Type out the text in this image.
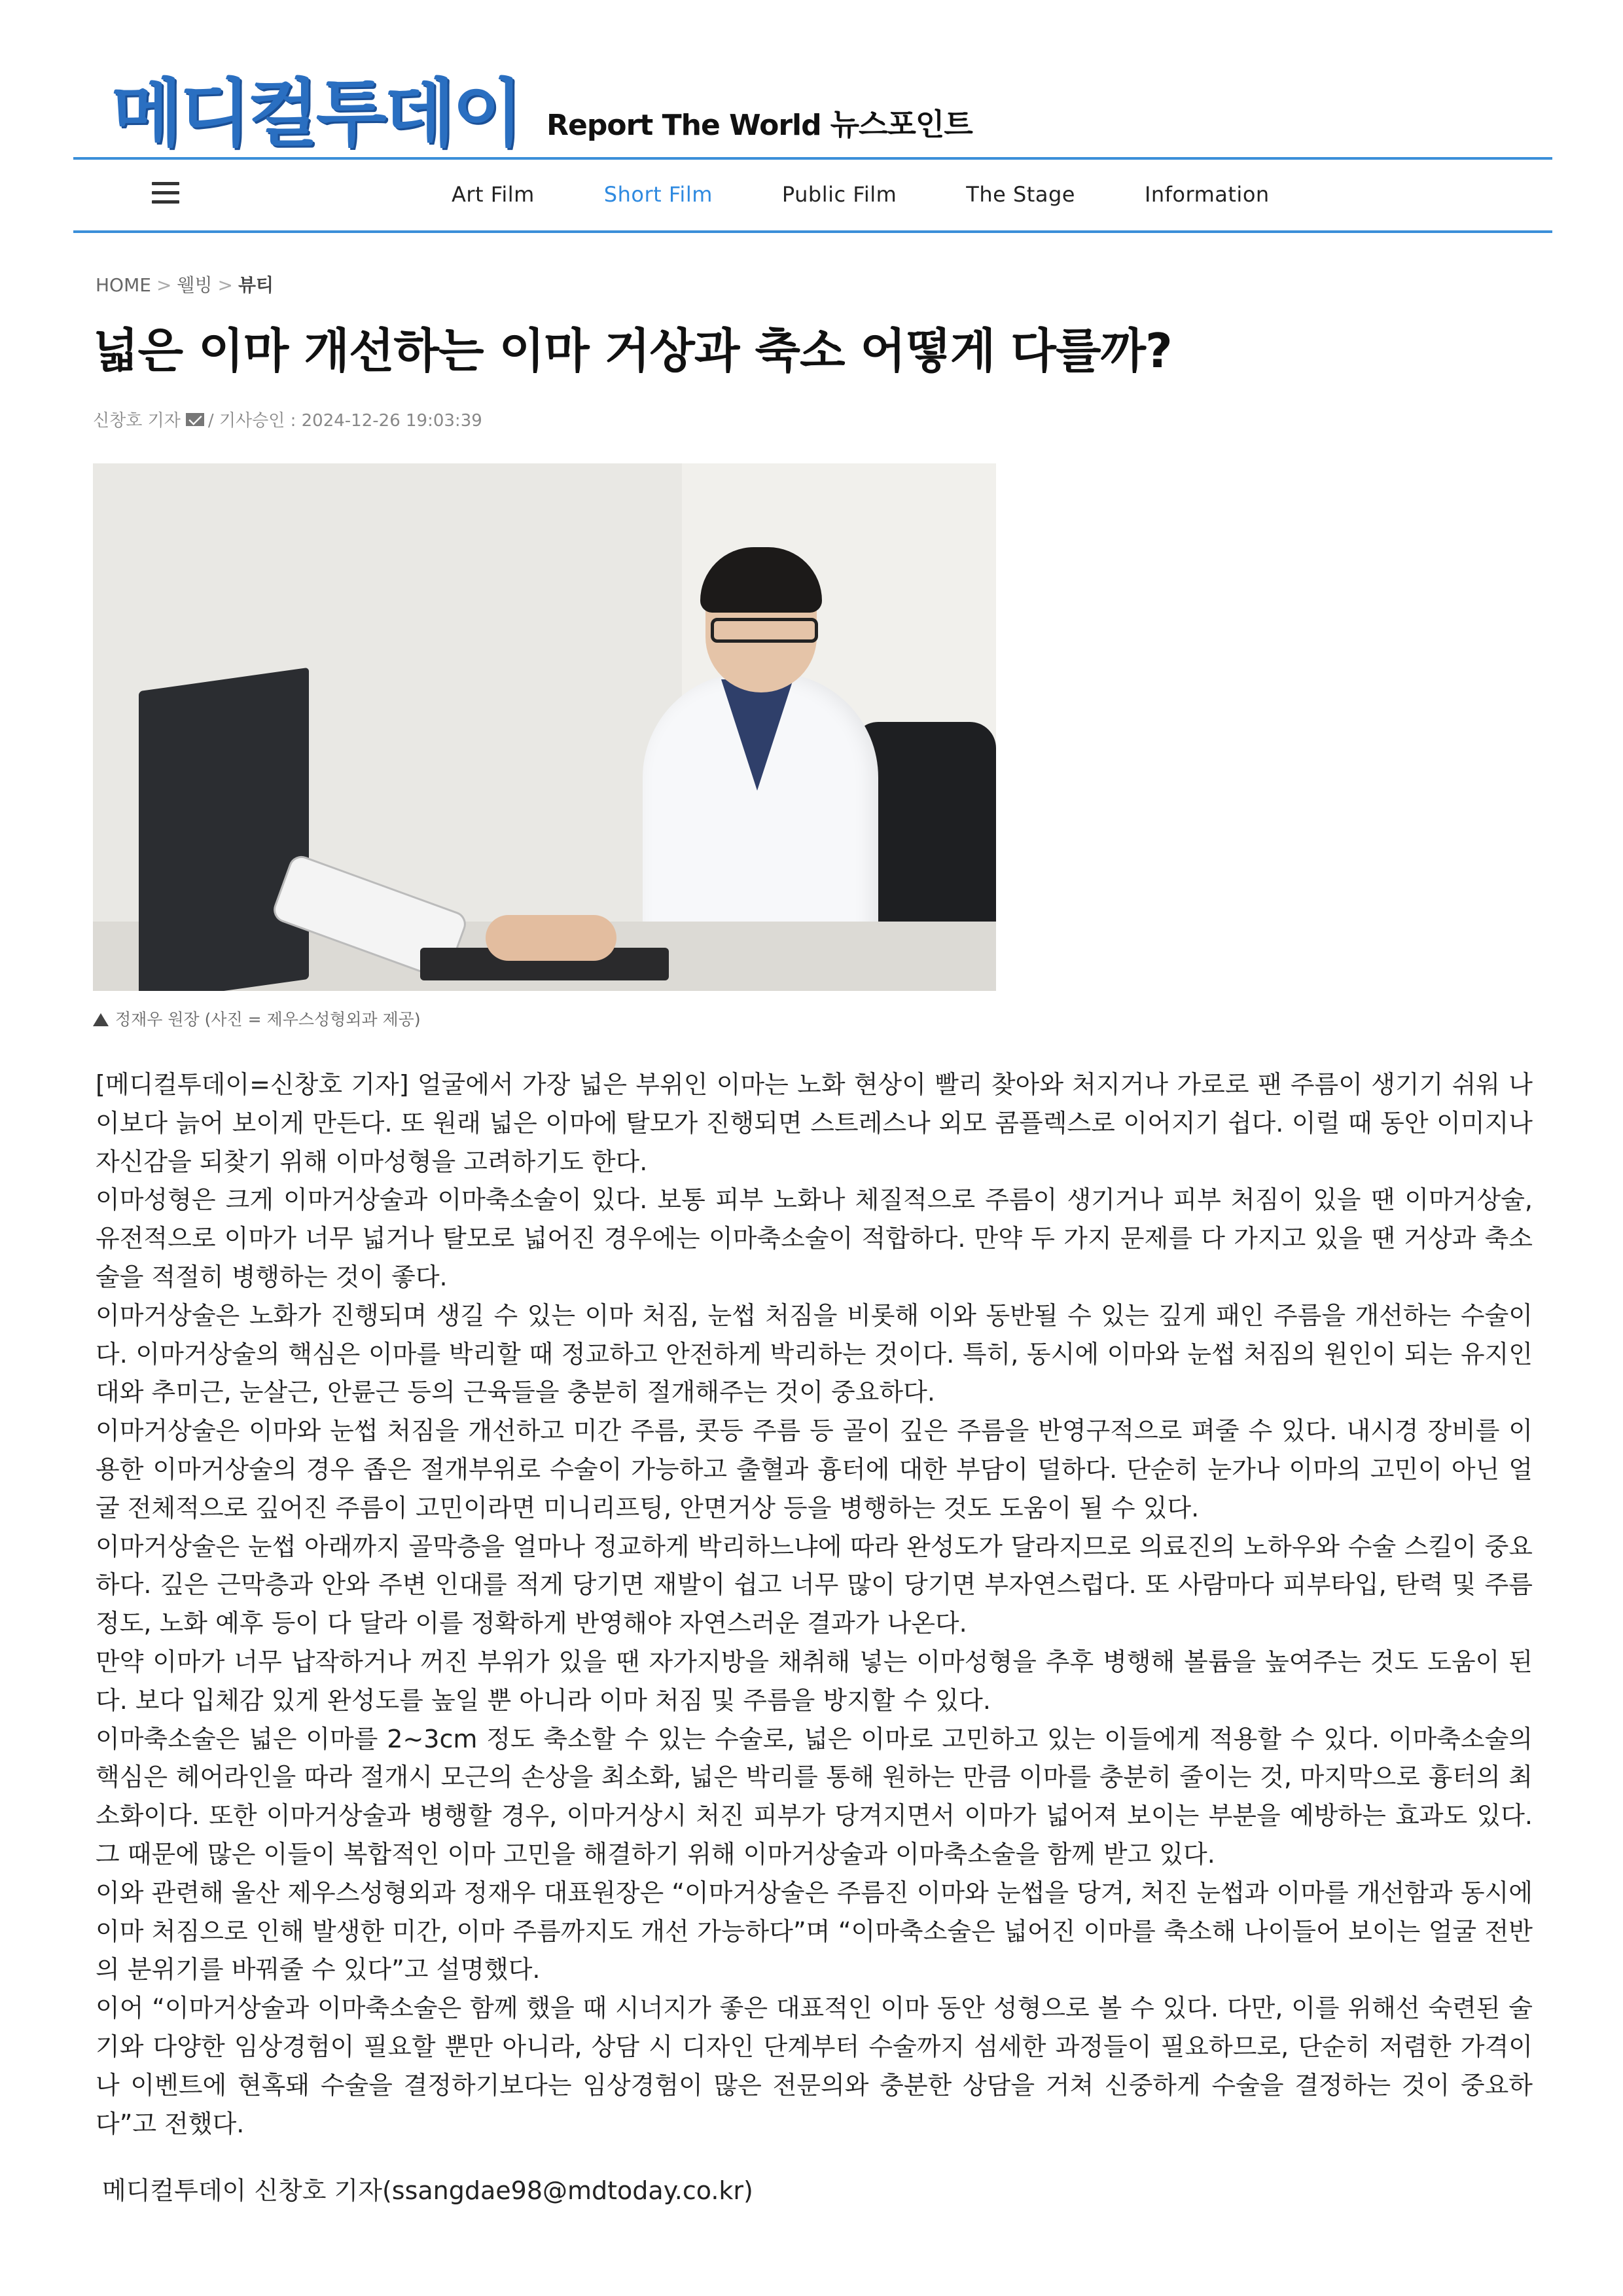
메디컬투데이 Report The World 뉴스포인트
Art Film	Short Film	Public Film	The Stage	Information
HOME > 웰빙 > 뷰티
넓은 이마 개선하는 이마 거상과 축소 어떻게 다를까?
신창호 기자 / 기사승인 : 2024-12-26 19:03:39
정재우 원장 (사진 = 제우스성형외과 제공)

[메디컬투데이=신창호 기자] 얼굴에서 가장 넓은 부위인 이마는 노화 현상이 빨리 찾아와 처지거나 가로로 팬 주름이 생기기 쉬워 나이보다 늙어 보이게 만든다. 또 원래 넓은 이마에 탈모가 진행되면 스트레스나 외모 콤플렉스로 이어지기 쉽다. 이럴 때 동안 이미지나 자신감을 되찾기 위해 이마성형을 고려하기도 한다.

이마성형은 크게 이마거상술과 이마축소술이 있다. 보통 피부 노화나 체질적으로 주름이 생기거나 피부 처짐이 있을 땐 이마거상술, 유전적으로 이마가 너무 넓거나 탈모로 넓어진 경우에는 이마축소술이 적합하다. 만약 두 가지 문제를 다 가지고 있을 땐 거상과 축소술을 적절히 병행하는 것이 좋다.

이마거상술은 노화가 진행되며 생길 수 있는 이마 처짐, 눈썹 처짐을 비롯해 이와 동반될 수 있는 깊게 패인 주름을 개선하는 수술이다. 이마거상술의 핵심은 이마를 박리할 때 정교하고 안전하게 박리하는 것이다. 특히, 동시에 이마와 눈썹 처짐의 원인이 되는 유지인대와 추미근, 눈살근, 안륜근 등의 근육들을 충분히 절개해주는 것이 중요하다.

이마거상술은 이마와 눈썹 처짐을 개선하고 미간 주름, 콧등 주름 등 골이 깊은 주름을 반영구적으로 펴줄 수 있다. 내시경 장비를 이용한 이마거상술의 경우 좁은 절개부위로 수술이 가능하고 출혈과 흉터에 대한 부담이 덜하다. 단순히 눈가나 이마의 고민이 아닌 얼굴 전체적으로 깊어진 주름이 고민이라면 미니리프팅, 안면거상 등을 병행하는 것도 도움이 될 수 있다.

이마거상술은 눈썹 아래까지 골막층을 얼마나 정교하게 박리하느냐에 따라 완성도가 달라지므로 의료진의 노하우와 수술 스킬이 중요하다. 깊은 근막층과 안와 주변 인대를 적게 당기면 재발이 쉽고 너무 많이 당기면 부자연스럽다. 또 사람마다 피부타입, 탄력 및 주름 정도, 노화 예후 등이 다 달라 이를 정확하게 반영해야 자연스러운 결과가 나온다.

만약 이마가 너무 납작하거나 꺼진 부위가 있을 땐 자가지방을 채취해 넣는 이마성형을 추후 병행해 볼륨을 높여주는 것도 도움이 된다. 보다 입체감 있게 완성도를 높일 뿐 아니라 이마 처짐 및 주름을 방지할 수 있다.

이마축소술은 넓은 이마를 2~3cm 정도 축소할 수 있는 수술로, 넓은 이마로 고민하고 있는 이들에게 적용할 수 있다. 이마축소술의 핵심은 헤어라인을 따라 절개시 모근의 손상을 최소화, 넓은 박리를 통해 원하는 만큼 이마를 충분히 줄이는 것, 마지막으로 흉터의 최소화이다. 또한 이마거상술과 병행할 경우, 이마거상시 처진 피부가 당겨지면서 이마가 넓어져 보이는 부분을 예방하는 효과도 있다. 그 때문에 많은 이들이 복합적인 이마 고민을 해결하기 위해 이마거상술과 이마축소술을 함께 받고 있다.

이와 관련해 울산 제우스성형외과 정재우 대표원장은 “이마거상술은 주름진 이마와 눈썹을 당겨, 처진 눈썹과 이마를 개선함과 동시에 이마 처짐으로 인해 발생한 미간, 이마 주름까지도 개선 가능하다”며 “이마축소술은 넓어진 이마를 축소해 나이들어 보이는 얼굴 전반의 분위기를 바꿔줄 수 있다”고 설명했다.

이어 “이마거상술과 이마축소술은 함께 했을 때 시너지가 좋은 대표적인 이마 동안 성형으로 볼 수 있다. 다만, 이를 위해선 숙련된 술기와 다양한 임상경험이 필요할 뿐만 아니라, 상담 시 디자인 단계부터 수술까지 섬세한 과정들이 필요하므로, 단순히 저렴한 가격이나 이벤트에 현혹돼 수술을 결정하기보다는 임상경험이 많은 전문의와 충분한 상담을 거쳐 신중하게 수술을 결정하는 것이 중요하다”고 전했다.

메디컬투데이 신창호 기자(ssangdae98@mdtoday.co.kr)
